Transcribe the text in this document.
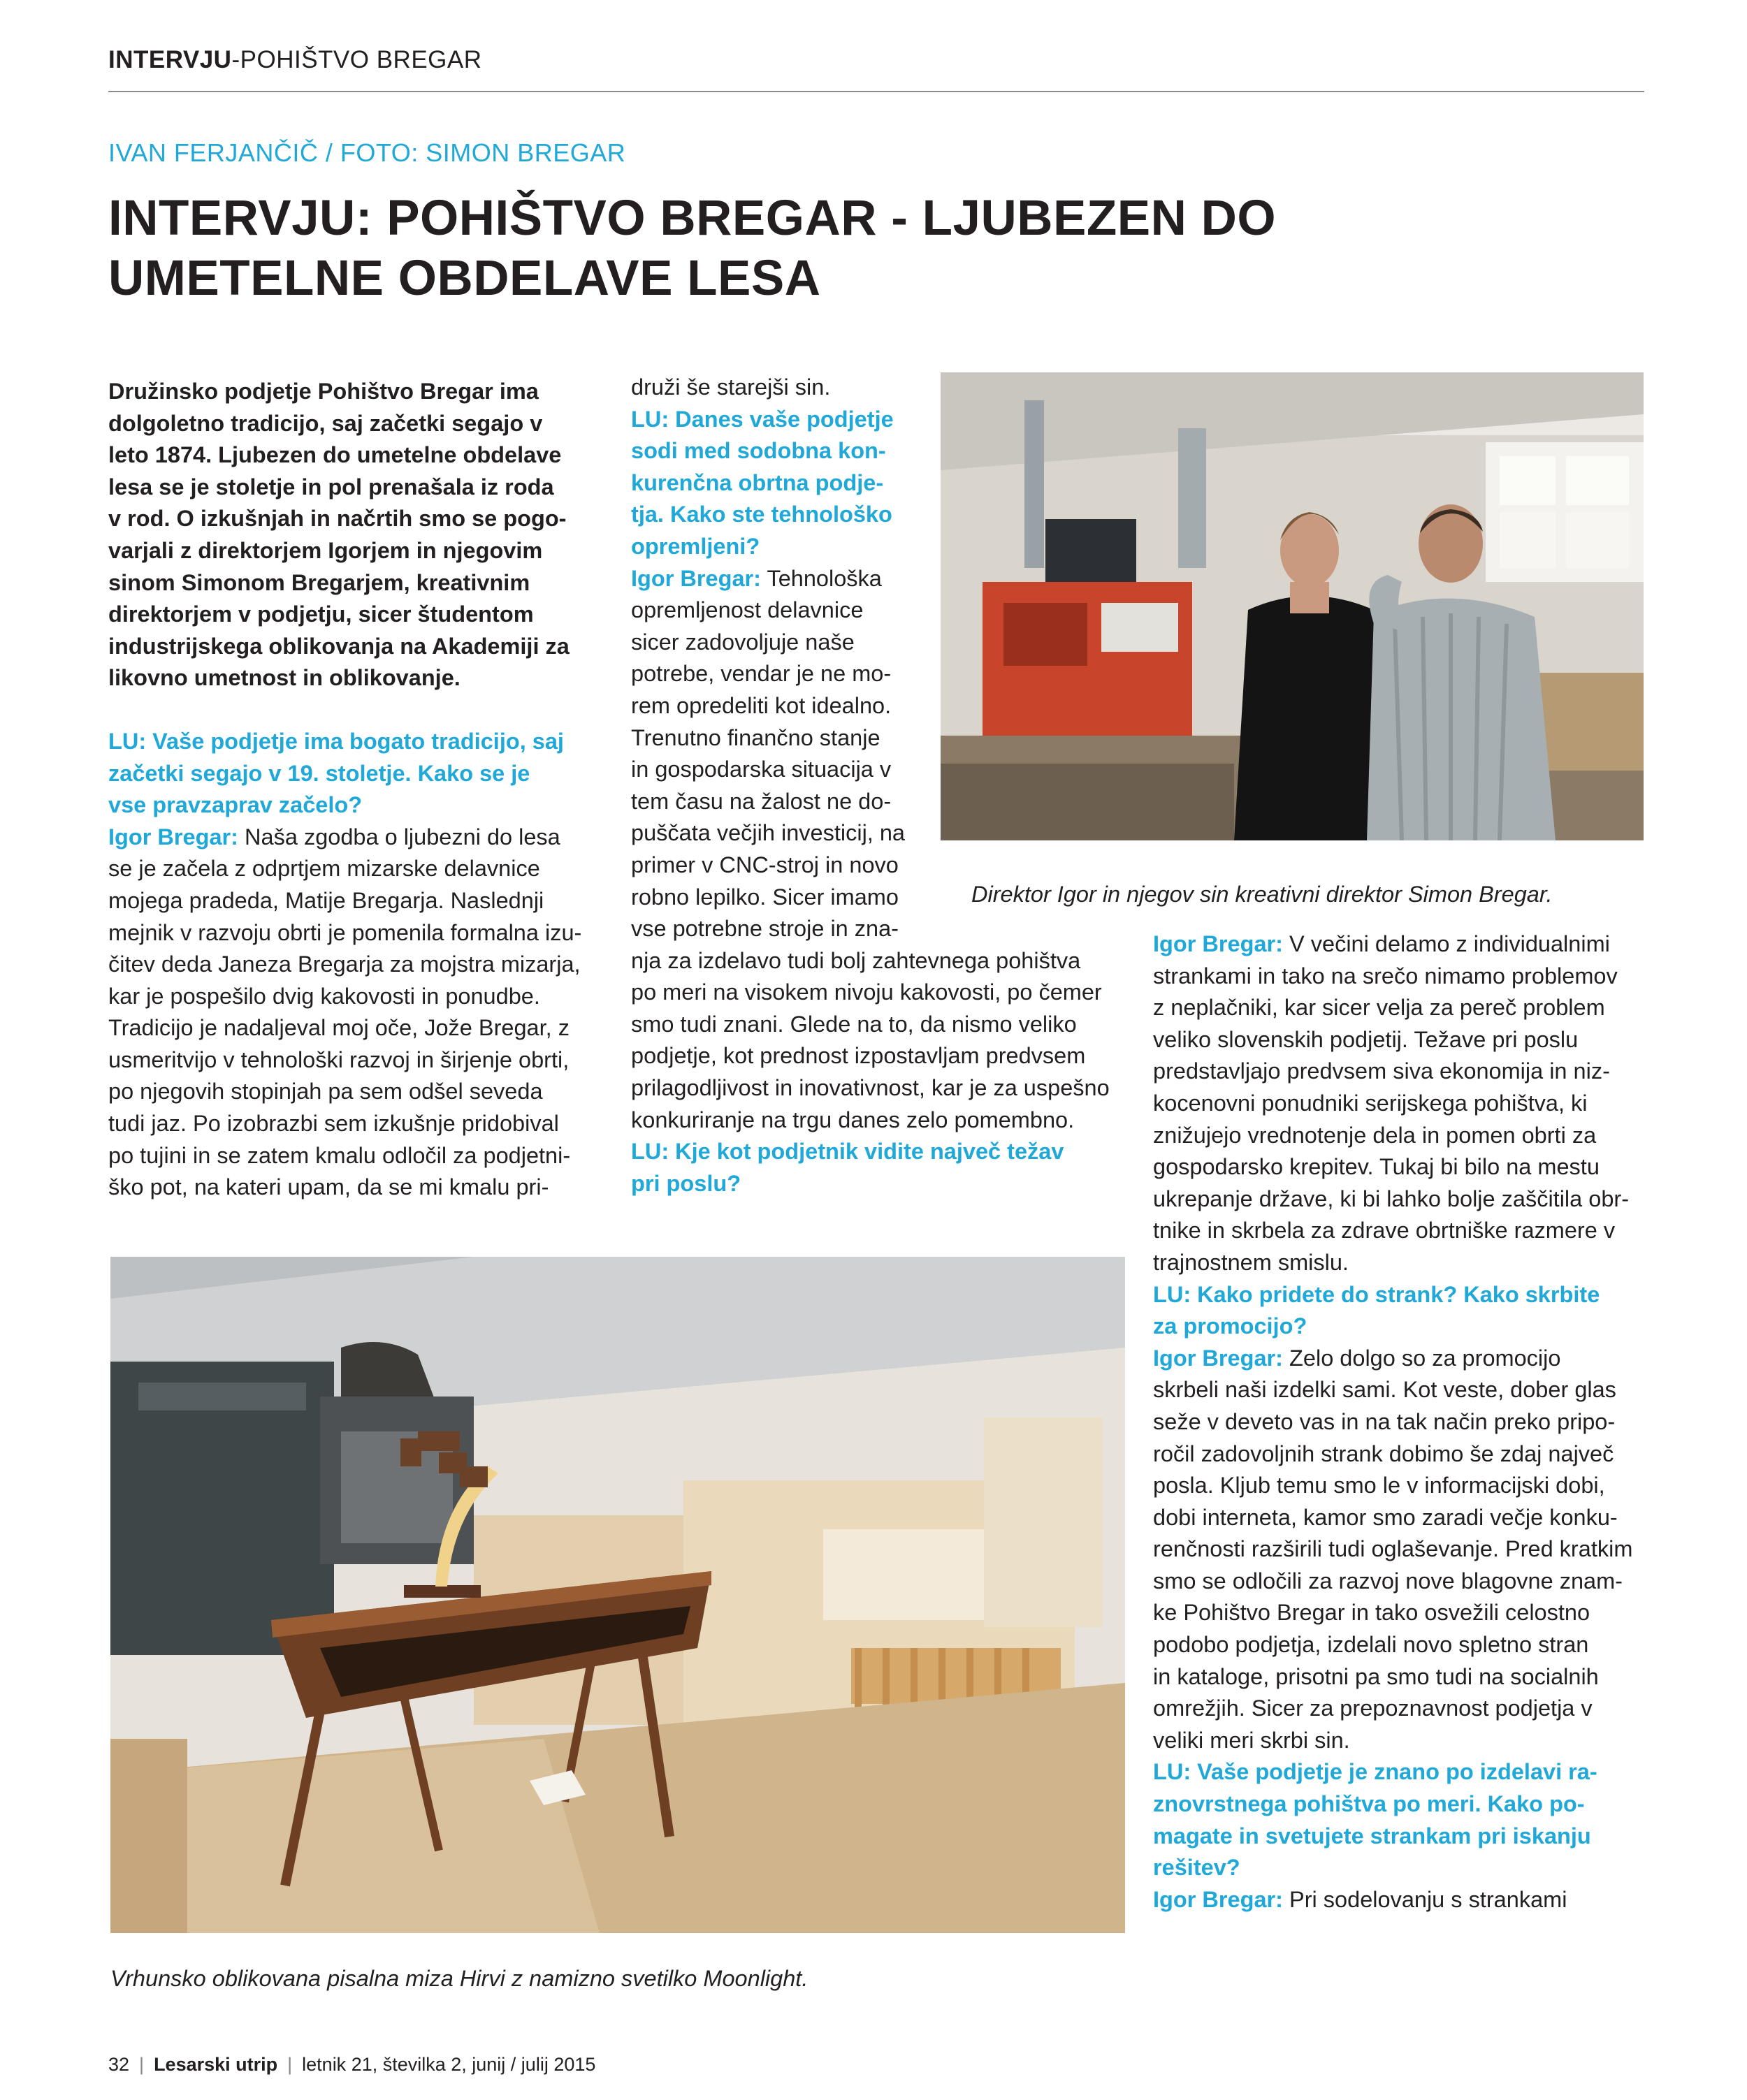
INTERVJU-POHIŠTVO BREGAR
IVAN FERJANČIČ / FOTO: SIMON BREGAR
INTERVJU: POHIŠTVO BREGAR - LJUBEZEN DO
UMETELNE OBDELAVE LESA
Družinsko podjetje Pohištvo Bregar ima
dolgoletno tradicijo, saj začetki segajo v
leto 1874. Ljubezen do umetelne obdelave
lesa se je stoletje in pol prenašala iz roda
v rod. O izkušnjah in načrtih smo se pogo-
varjali z direktorjem Igorjem in njegovim
sinom Simonom Bregarjem, kreativnim
direktorjem v podjetju, sicer študentom
industrijskega oblikovanja na Akademiji za
likovno umetnost in oblikovanje.
LU: Vaše podjetje ima bogato tradicijo, saj
začetki segajo v 19. stoletje. Kako se je
vse pravzaprav začelo?
Igor Bregar: Naša zgodba o ljubezni do lesa
se je začela z odprtjem mizarske delavnice
mojega pradeda, Matije Bregarja. Naslednji
mejnik v razvoju obrti je pomenila formalna izu-
čitev deda Janeza Bregarja za mojstra mizarja,
kar je pospešilo dvig kakovosti in ponudbe.
Tradicijo je nadaljeval moj oče, Jože Bregar, z
usmeritvijo v tehnološki razvoj in širjenje obrti,
po njegovih stopinjah pa sem odšel seveda
tudi jaz. Po izobrazbi sem izkušnje pridobival
po tujini in se zatem kmalu odločil za podjetni-
ško pot, na kateri upam, da se mi kmalu pri-
druži še starejši sin.
LU: Danes vaše podjetje
sodi med sodobna kon-
kurenčna obrtna podje-
tja. Kako ste tehnološko
opremljeni?
Igor Bregar: Tehnološka
opremljenost delavnice
sicer zadovoljuje naše
potrebe, vendar je ne mo-
rem opredeliti kot idealno.
Trenutno finančno stanje
in gospodarska situacija v
tem času na žalost ne do-
puščata večjih investicij, na
primer v CNC-stroj in novo
robno lepilko. Sicer imamo
vse potrebne stroje in zna-
nja za izdelavo tudi bolj zahtevnega pohištva
po meri na visokem nivoju kakovosti, po čemer
smo tudi znani. Glede na to, da nismo veliko
podjetje, kot prednost izpostavljam predvsem
prilagodljivost in inovativnost, kar je za uspešno
konkuriranje na trgu danes zelo pomembno.
LU: Kje kot podjetnik vidite največ težav
pri poslu?
Direktor Igor in njegov sin kreativni direktor Simon Bregar.
Igor Bregar: V večini delamo z individualnimi
strankami in tako na srečo nimamo problemov
z neplačniki, kar sicer velja za pereč problem
veliko slovenskih podjetij. Težave pri poslu
predstavljajo predvsem siva ekonomija in niz-
kocenovni ponudniki serijskega pohištva, ki
znižujejo vrednotenje dela in pomen obrti za
gospodarsko krepitev. Tukaj bi bilo na mestu
ukrepanje države, ki bi lahko bolje zaščitila obr-
tnike in skrbela za zdrave obrtniške razmere v
trajnostnem smislu.
LU: Kako pridete do strank? Kako skrbite
za promocijo?
Igor Bregar: Zelo dolgo so za promocijo
skrbeli naši izdelki sami. Kot veste, dober glas
seže v deveto vas in na tak način preko pripo-
ročil zadovoljnih strank dobimo še zdaj največ
posla. Kljub temu smo le v informacijski dobi,
dobi interneta, kamor smo zaradi večje konku-
renčnosti razširili tudi oglaševanje. Pred kratkim
smo se odločili za razvoj nove blagovne znam-
ke Pohištvo Bregar in tako osvežili celostno
podobo podjetja, izdelali novo spletno stran
in kataloge, prisotni pa smo tudi na socialnih
omrežjih. Sicer za prepoznavnost podjetja v
veliki meri skrbi sin.
LU: Vaše podjetje je znano po izdelavi ra-
znovrstnega pohištva po meri. Kako po-
magate in svetujete strankam pri iskanju
rešitev?
Igor Bregar: Pri sodelovanju s strankami
Vrhunsko oblikovana pisalna miza Hirvi z namizno svetilko Moonlight.
32 | Lesarski utrip | letnik 21, številka 2, junij / julij 2015
